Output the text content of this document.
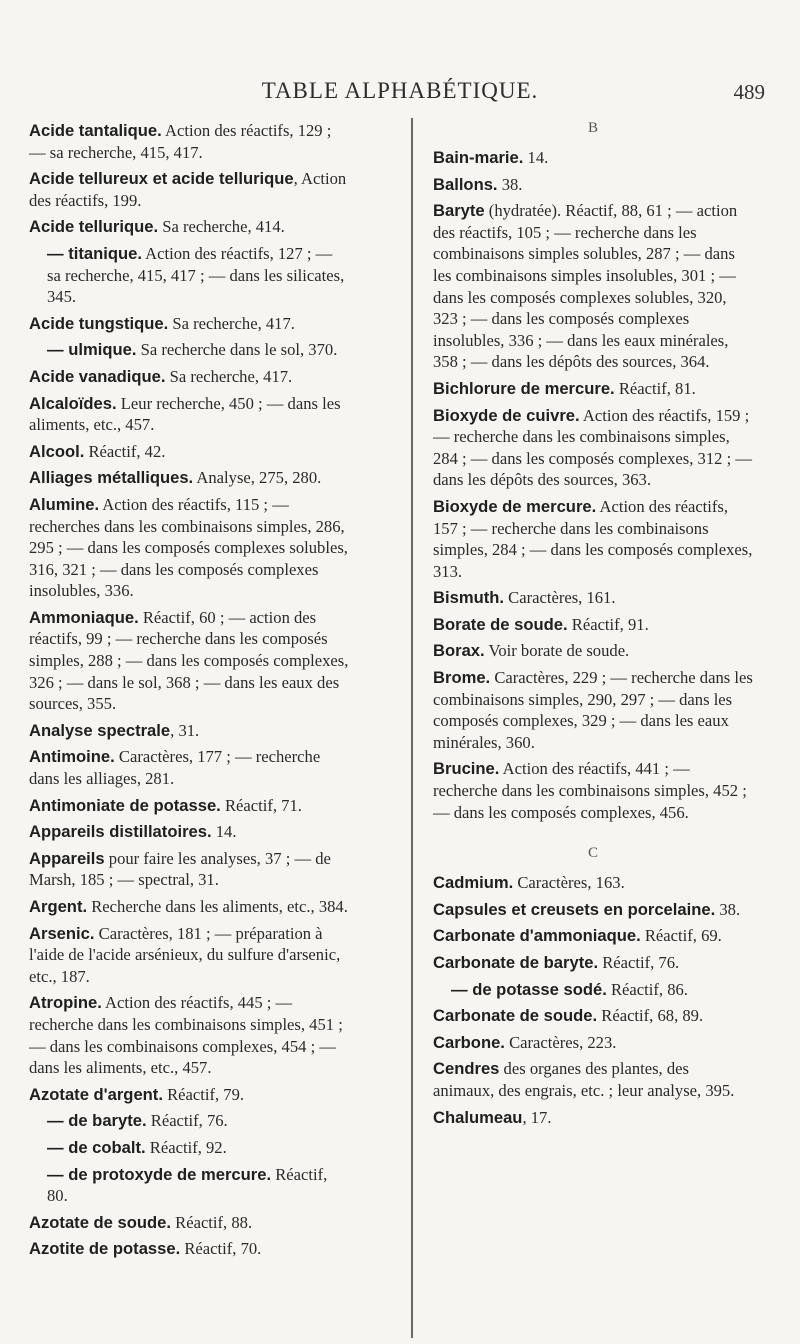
TABLE ALPHABÉTIQUE.	489
Acide tantalique. Action des réactifs, 129 ; — sa recherche, 415, 417.
Acide tellureux et acide tellurique, Action des réactifs, 199.
Acide tellurique. Sa recherche, 414.
— titanique. Action des réactifs, 127 ; — sa recherche, 415, 417 ; — dans les silicates, 345.
Acide tungstique. Sa recherche, 417.
— ulmique. Sa recherche dans le sol, 370.
Acide vanadique. Sa recherche, 417.
Alcaloïdes. Leur recherche, 450 ; — dans les aliments, etc., 457.
Alcool. Réactif, 42.
Alliages métalliques. Analyse, 275, 280.
Alumine. Action des réactifs, 115 ; — recherches dans les combinaisons simples, 286, 295 ; — dans les composés complexes solubles, 316, 321 ; — dans les composés complexes insolubles, 336.
Ammoniaque. Réactif, 60 ; — action des réactifs, 99 ; — recherche dans les composés simples, 288 ; — dans les composés complexes, 326 ; — dans le sol, 368 ; — dans les eaux des sources, 355.
Analyse spectrale, 31.
Antimoine. Caractères, 177 ; — recherche dans les alliages, 281.
Antimoniate de potasse. Réactif, 71.
Appareils distillatoires. 14.
Appareils pour faire les analyses, 37 ; — de Marsh, 185 ; — spectral, 31.
Argent. Recherche dans les aliments, etc., 384.
Arsenic. Caractères, 181 ; — préparation à l'aide de l'acide arsénieux, du sulfure d'arsenic, etc., 187.
Atropine. Action des réactifs, 445 ; — recherche dans les combinaisons simples, 451 ; — dans les combinaisons complexes, 454 ; — dans les aliments, etc., 457.
Azotate d'argent. Réactif, 79.
— de baryte. Réactif, 76.
— de cobalt. Réactif, 92.
— de protoxyde de mercure. Réactif, 80.
Azotate de soude. Réactif, 88.
Azotite de potasse. Réactif, 70.
B
Bain-marie. 14.
Ballons. 38.
Baryte (hydratée). Réactif, 88, 61 ; — action des réactifs, 105 ; — recherche dans les combinaisons simples solubles, 287 ; — dans les combinaisons simples insolubles, 301 ; — dans les composés complexes solubles, 320, 323 ; — dans les composés complexes insolubles, 336 ; — dans les eaux minérales, 358 ; — dans les dépôts des sources, 364.
Bichlorure de mercure. Réactif, 81.
Bioxyde de cuivre. Action des réactifs, 159 ; — recherche dans les combinaisons simples, 284 ; — dans les composés complexes, 312 ; — dans les dépôts des sources, 363.
Bioxyde de mercure. Action des réactifs, 157 ; — recherche dans les combinaisons simples, 284 ; — dans les composés complexes, 313.
Bismuth. Caractères, 161.
Borate de soude. Réactif, 91.
Borax. Voir borate de soude.
Brome. Caractères, 229 ; — recherche dans les combinaisons simples, 290, 297 ; — dans les composés complexes, 329 ; — dans les eaux minérales, 360.
Brucine. Action des réactifs, 441 ; — recherche dans les combinaisons simples, 452 ; — dans les composés complexes, 456.
C
Cadmium. Caractères, 163.
Capsules et creusets en porcelaine. 38.
Carbonate d'ammoniaque. Réactif, 69.
Carbonate de baryte. Réactif, 76.
— de potasse sodé. Réactif, 86.
Carbonate de soude. Réactif, 68, 89.
Carbone. Caractères, 223.
Cendres des organes des plantes, des animaux, des engrais, etc. ; leur analyse, 395.
Chalumeau, 17.
